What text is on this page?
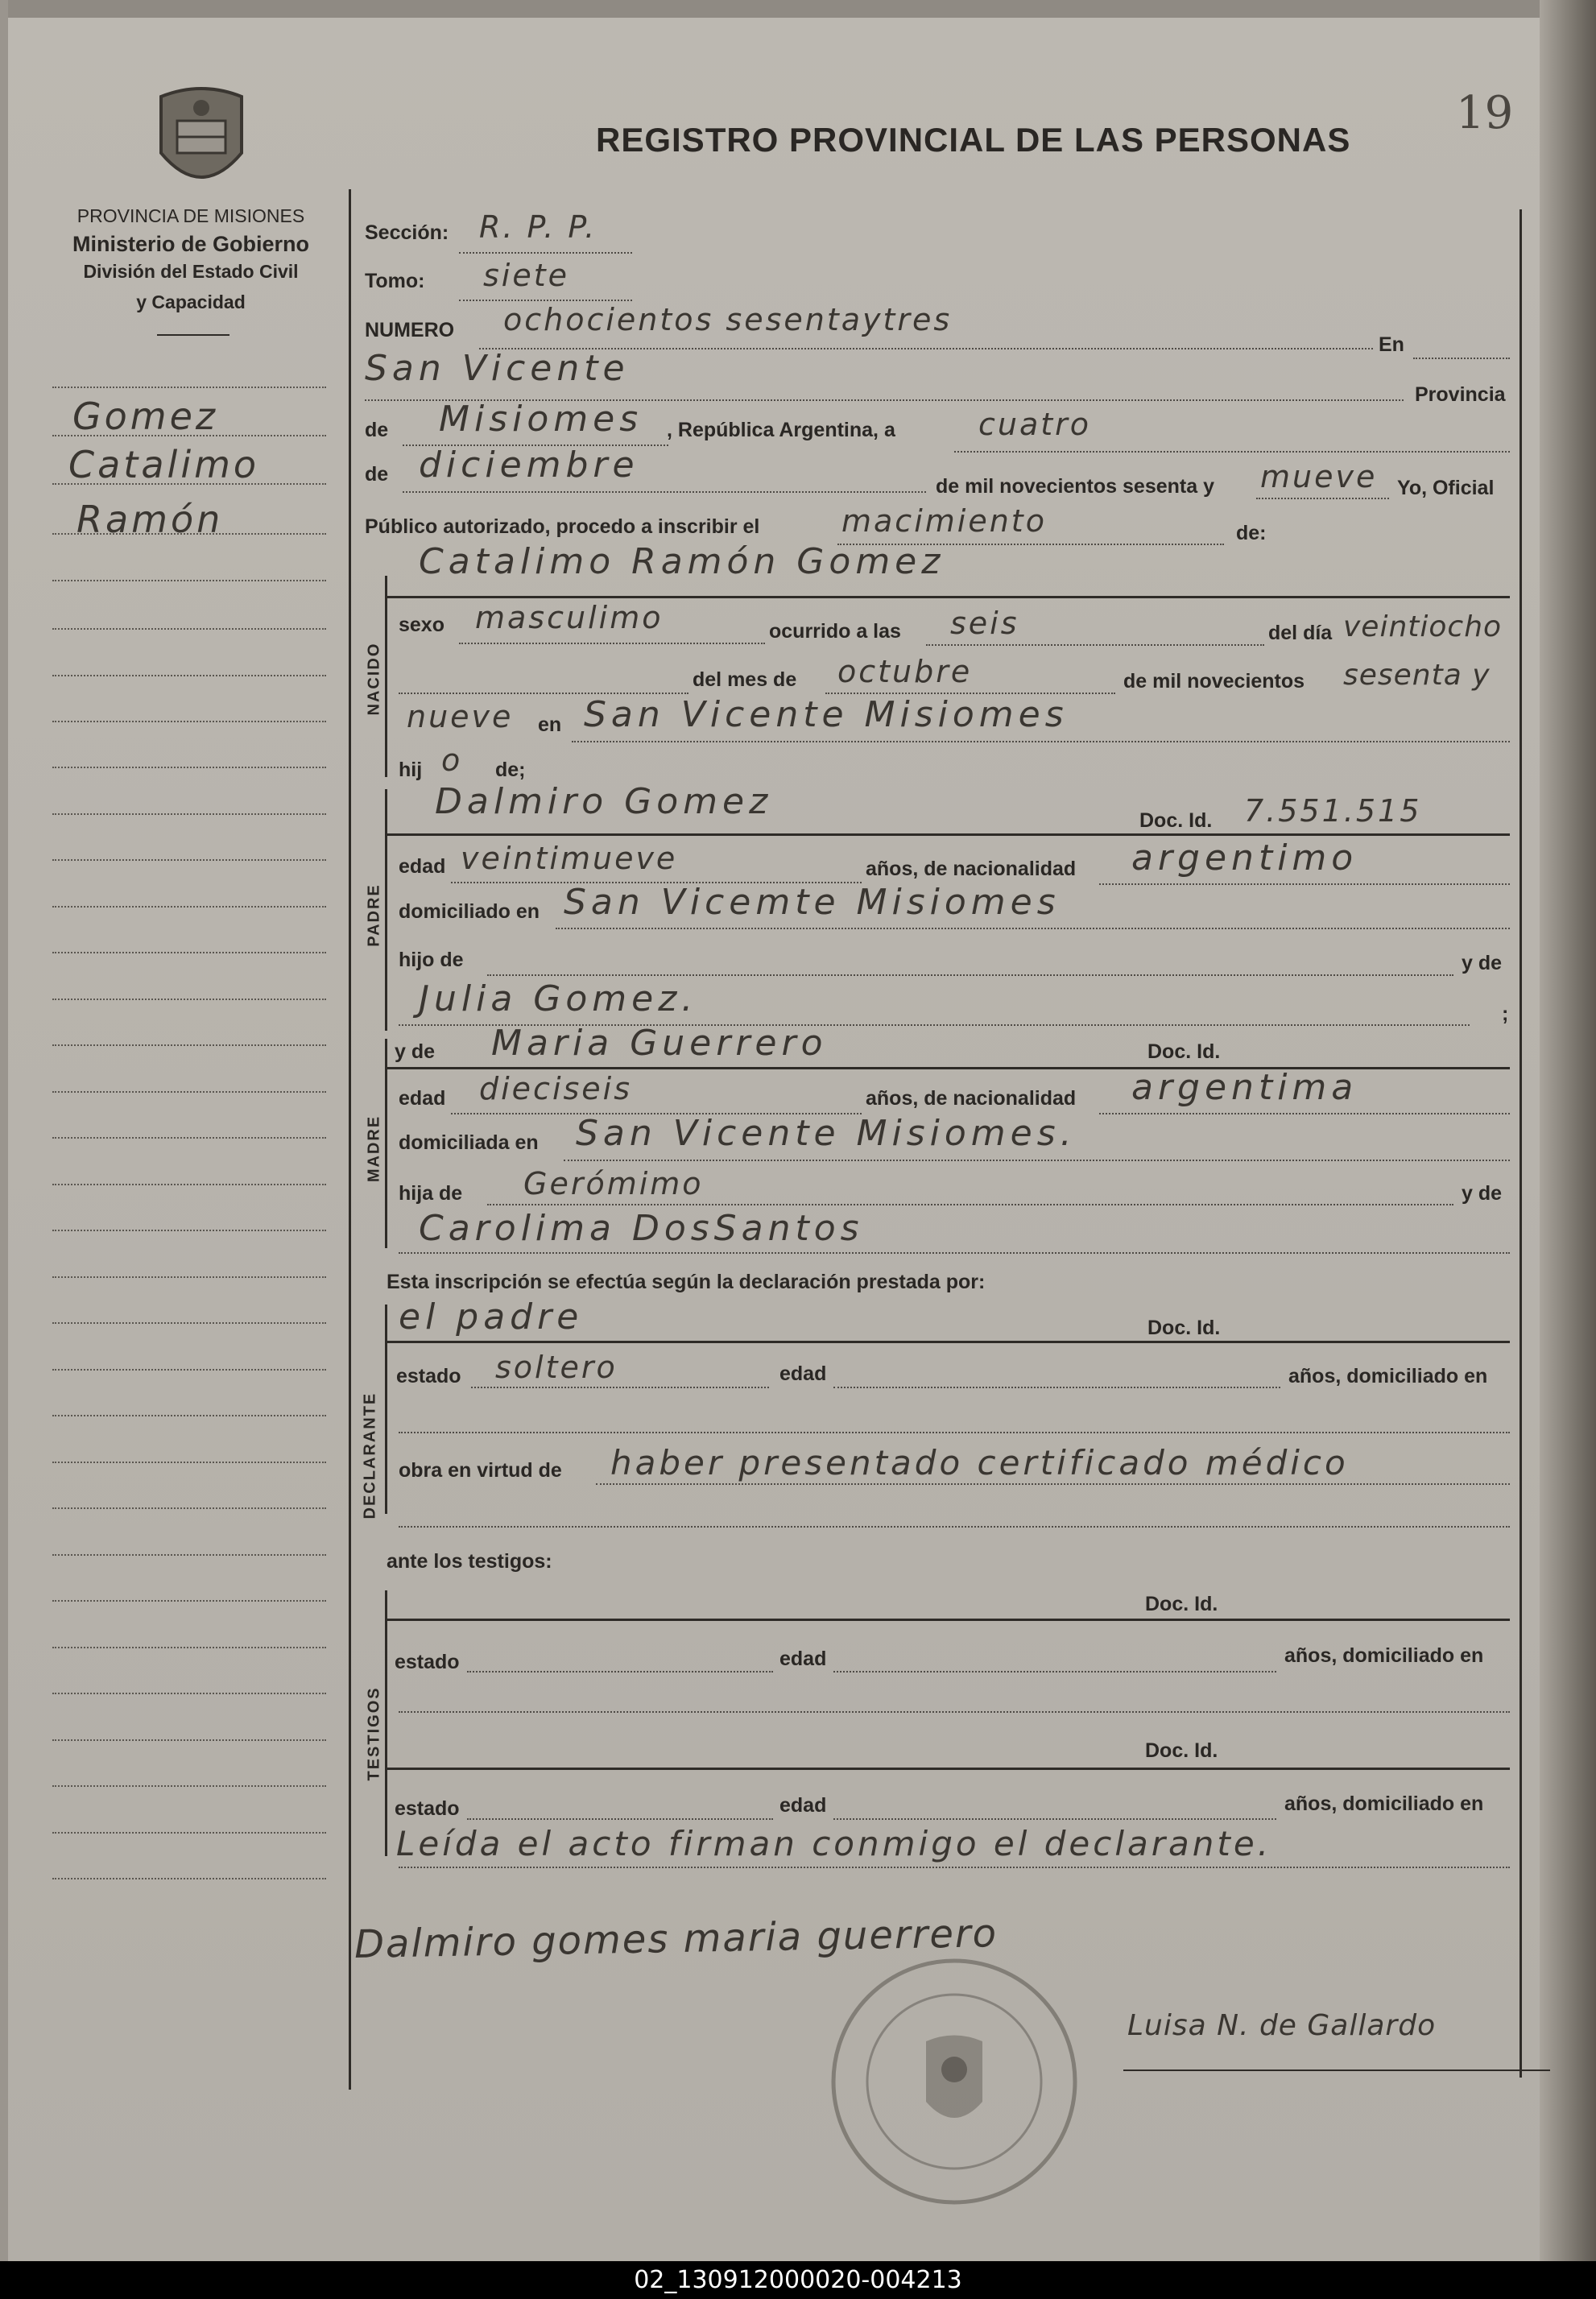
PROVINCIA DE MISIONES
Ministerio de Gobierno
División del Estado Civil
y Capacidad
REGISTRO PROVINCIAL DE LAS PERSONAS
19
Gomez
Catalimo
Ramón
Sección: R. P. P.
Tomo: siete
NUMERO ochocientos sesentaytres
En
San Vicente
Provincia
de Misiomes , República Argentina, a	cuatro
de diciembre
de mil novecientos sesenta y mueve Yo, Oficial
Público autorizado, procedo a inscribir el	macimiento	de:
Catalimo Ramón Gomez
NACIDO
sexo masculimo	ocurrido a las seis	del día veintiocho
del mes de octubre	de mil novecientos sesenta y
nueve en San Vicente Misiomes
hij o de;
PADRE
Dalmiro Gomez	Doc. Id. 7.551.515
edad veintimueve	años, de nacionalidad argentimo
domiciliado en San Vicemte Misiomes
hijo de	y de
Julia Gomez.	;
MADRE
y de Maria Guerrero	Doc. Id.
edad dieciseis	años, de nacionalidad argentima
domiciliada en San Vicente Misiomes.
hija de Gerómimo	y de
Carolima DosSantos
Esta inscripción se efectúa según la declaración prestada por:
DECLARANTE
el padre	Doc. Id.
estado soltero	edad	años, domiciliado en
obra en virtud de haber presentado certificado médico
ante los testigos:
TESTIGOS
Doc. Id.
estado	edad	años, domiciliado en
Doc. Id.
estado	edad	años, domiciliado en
Leída el acto firman conmigo el declarante.
Dalmiro gomes maria guerrero
Luisa N. de Gallardo
02_130912000020-004213
